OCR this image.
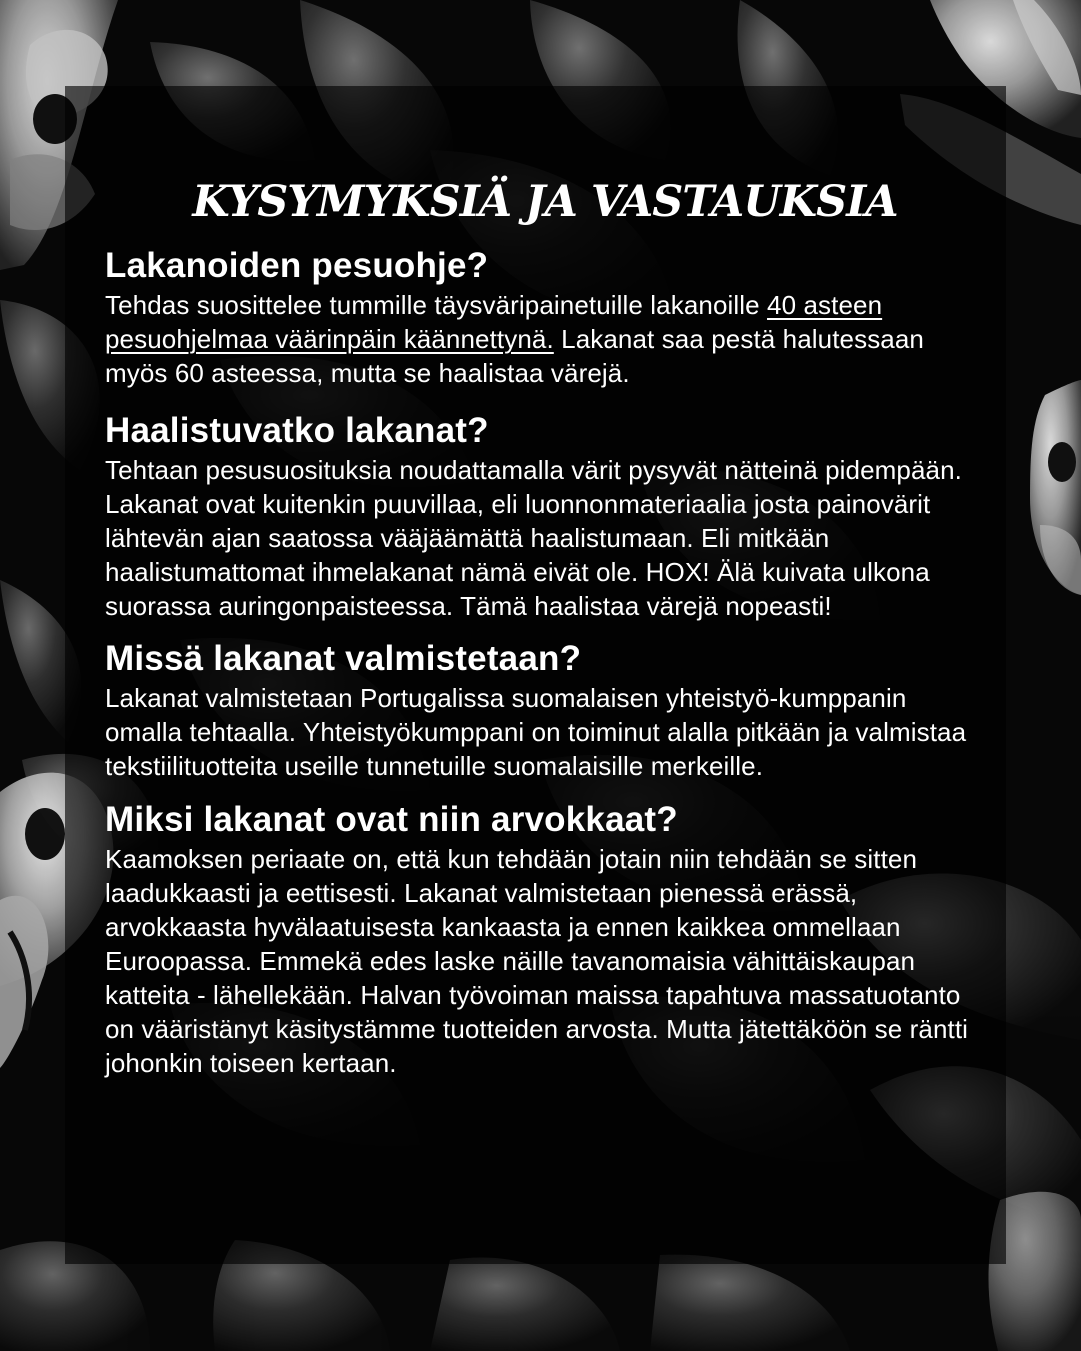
KYSYMYKSIÄ JA VASTAUKSIA
Lakanoiden pesuohje?

Tehdas suosittelee tummille täysväripainetuille lakanoille 40 asteen pesuohjelmaa väärinpäin käännettynä. Lakanat saa pestä halutessaan myös 60 asteessa, mutta se haalistaa värejä.

Haalistuvatko lakanat?

Tehtaan pesusuosituksia noudattamalla värit pysyvät nätteinä pidempään. Lakanat ovat kuitenkin puuvillaa, eli luonnonmateriaalia josta painovärit lähtevän ajan saatossa vääjäämättä haalistumaan. Eli mitkään haalistumattomat ihmelakanat nämä eivät ole. HOX! Älä kuivata ulkona suorassa auringonpaisteessa. Tämä haalistaa värejä nopeasti!

Missä lakanat valmistetaan?

Lakanat valmistetaan Portugalissa suomalaisen yhteistyö-kumppanin omalla tehtaalla. Yhteistyökumppani on toiminut alalla pitkään ja valmistaa tekstiilituotteita useille tunnetuille suomalaisille merkeille.

Miksi lakanat ovat niin arvokkaat?

Kaamoksen periaate on, että kun tehdään jotain niin tehdään se sitten laadukkaasti ja eettisesti. Lakanat valmistetaan pienessä erässä, arvokkaasta hyvälaatuisesta kankaasta ja ennen kaikkea ommellaan Euroopassa. Emmekä edes laske näille tavanomaisia vähittäiskaupan katteita - lähellekään. Halvan työvoiman maissa tapahtuva massatuotanto on vääristänyt käsitystämme tuotteiden arvosta. Mutta jätettäköön se räntti johonkin toiseen kertaan.
